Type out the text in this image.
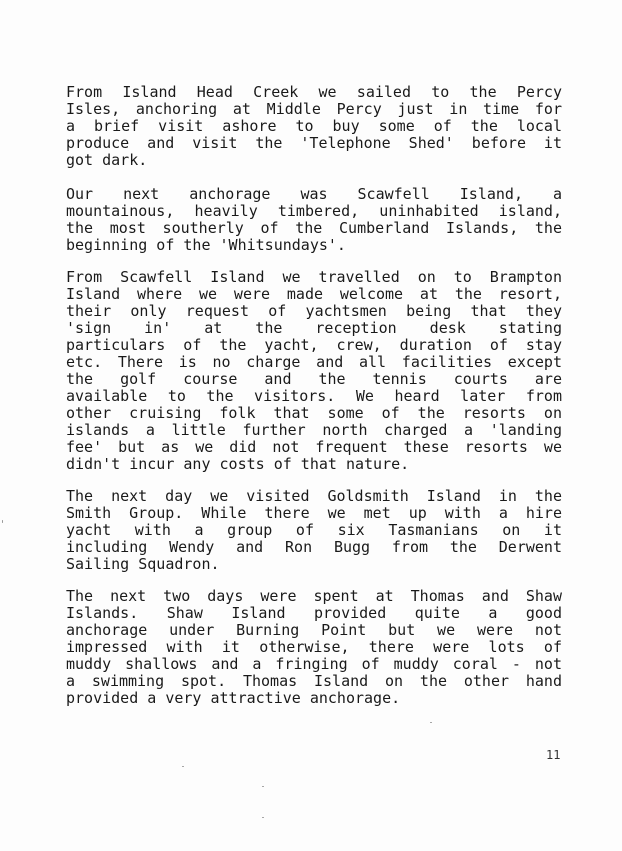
From Island Head Creek we sailed to the Percy
Isles, anchoring at Middle Percy just in time for
a brief visit ashore to buy some of the local
produce and visit the 'Telephone Shed' before it
got dark.
Our next anchorage was Scawfell Island, a
mountainous, heavily timbered, uninhabited island,
the most southerly of the Cumberland Islands, the
beginning of the 'Whitsundays'.
From Scawfell Island we travelled on to Brampton
Island where we were made welcome at the resort,
their only request of yachtsmen being that they
'sign in' at the reception desk stating
particulars of the yacht, crew, duration of stay
etc. There is no charge and all facilities except
the golf course and the tennis courts are
available to the visitors. We heard later from
other cruising folk that some of the resorts on
islands a little further north charged a 'landing
fee' but as we did not frequent these resorts we
didn't incur any costs of that nature.
The next day we visited Goldsmith Island in the
Smith Group. While there we met up with a hire
yacht with a group of six Tasmanians on it
including Wendy and Ron Bugg from the Derwent
Sailing Squadron.
The next two days were spent at Thomas and Shaw
Islands. Shaw Island provided quite a good
anchorage under Burning Point but we were not
impressed with it otherwise, there were lots of
muddy shallows and a fringing of muddy coral - not
a swimming spot. Thomas Island on the other hand
provided a very attractive anchorage.
11
